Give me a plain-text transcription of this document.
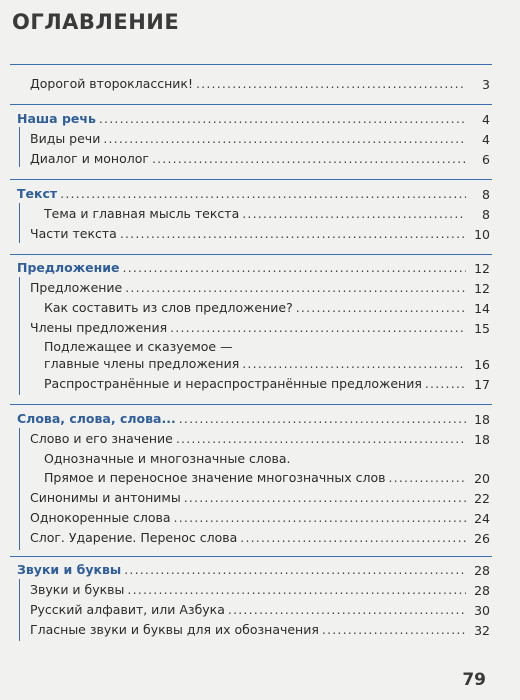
ОГЛАВЛЕНИЕ
Дорогой второклассник! .....	3
Наша речь .....	4
Виды речи .....	4
Диалог и монолог .....	6
Текст .....	8
Тема и главная мысль текста .....	8
Части текста .....	10
Предложение .....	12
Предложение .....	12
Как составить из слов предложение? .....	14
Члены предложения .....	15
Подлежащее и сказуемое —
главные члены предложения .....	16
Распространённые и нераспространённые предложения .....	17
Слова, слова, слова... .....	18
Слово и его значение .....	18
Однозначные и многозначные слова.
Прямое и переносное значение многозначных слов .....	20
Синонимы и антонимы .....	22
Однокоренные слова .....	24
Слог. Ударение. Перенос слова .....	26
Звуки и буквы .....	28
Звуки и буквы .....	28
Русский алфавит, или Азбука .....	30
Гласные звуки и буквы для их обозначения .....	32
79
